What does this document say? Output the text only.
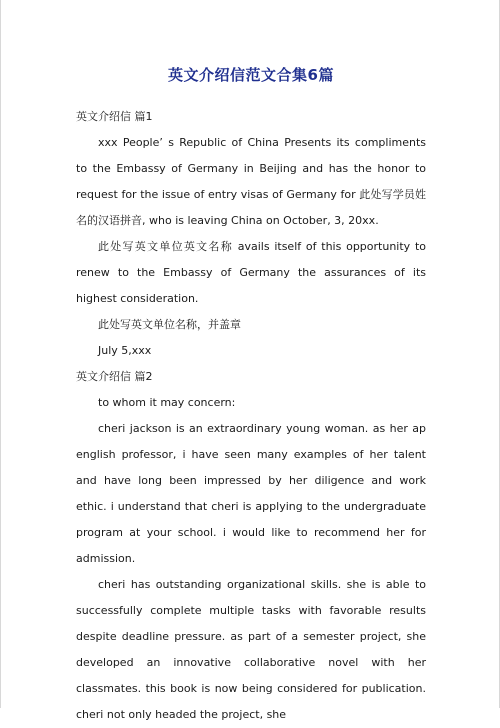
英文介绍信范文合集6篇

英文介绍信 篇1

xxx People’ s Republic of China Presents its compliments to the Embassy of Germany in Beijing and has the honor to request for the issue of entry visas of Germany for 此处写学员姓名的汉语拼音, who is leaving China on October, 3, 20xx.

此处写英文单位英文名称 avails itself of this opportunity to renew to the Embassy of Germany the assurances of its highest consideration.

此处写英文单位名称，并盖章

July 5,xxx

英文介绍信 篇2

to whom it may concern:

cheri jackson is an extraordinary young woman. as her ap english professor, i have seen many examples of her talent and have long been impressed by her diligence and work ethic. i understand that cheri is applying to the undergraduate program at your school. i would like to recommend her for admission.

cheri has outstanding organizational skills. she is able to successfully complete multiple tasks with favorable results despite deadline pressure. as part of a semester project, she developed an innovative collaborative novel with her classmates. this book is now being considered for publication. cheri not only headed the project, she
